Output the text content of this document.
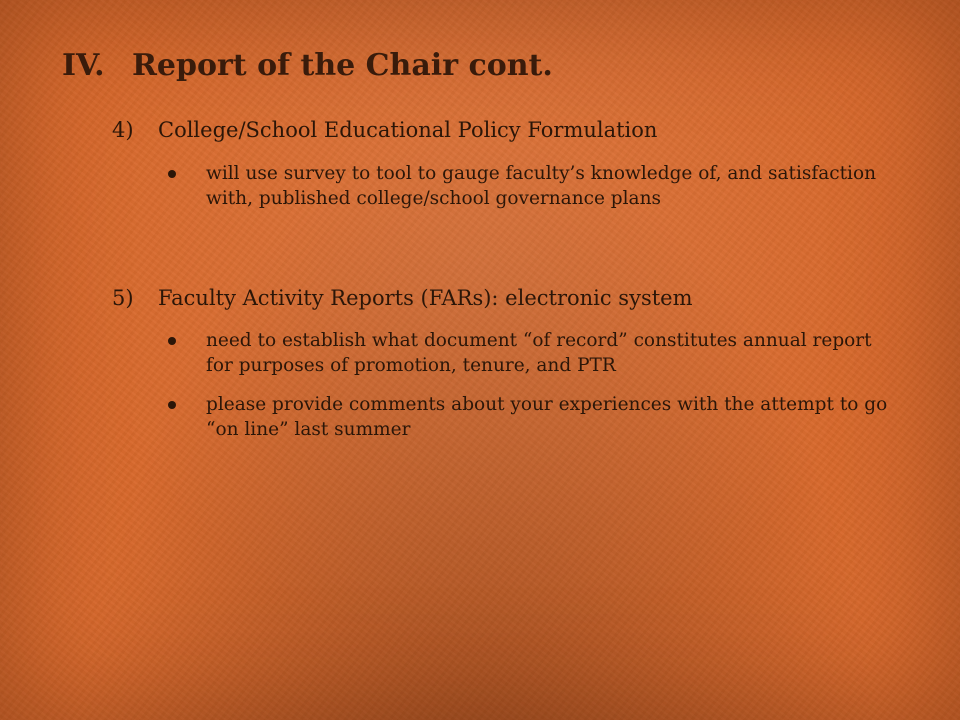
IV. Report of the Chair cont.
4) College/School Educational Policy Formulation
will use survey to tool to gauge faculty’s knowledge of, and satisfaction with, published college/school governance plans
5) Faculty Activity Reports (FARs): electronic system
need to establish what document “of record” constitutes annual report for purposes of promotion, tenure, and PTR
please provide comments about your experiences with the attempt to go “on line” last summer
